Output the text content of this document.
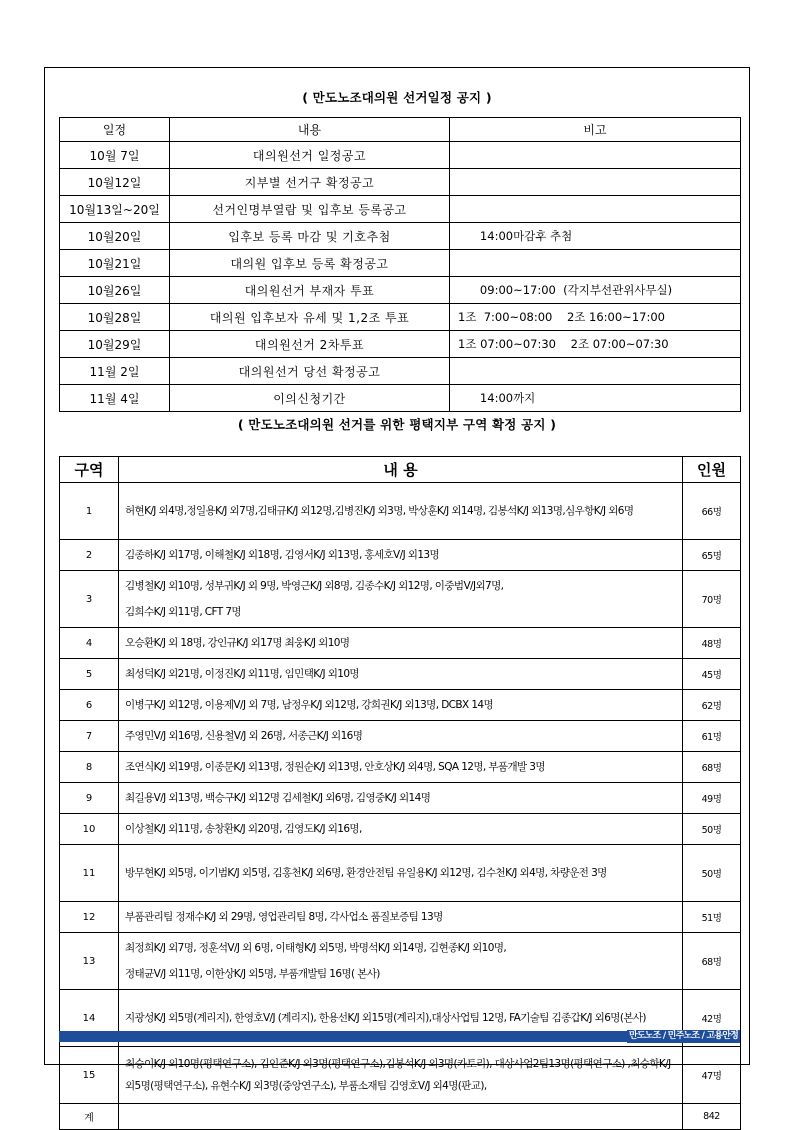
( 만도노조대의원 선거일정 공지 )
일정	내용	비고
10월 7일	대의원선거 일정공고	
10월12일	지부별 선거구 확정공고	
10월13일~20일	선거인명부열람 및 입후보 등록공고	
10월20일	입후보 등록 마감 및 기호추첨	14:00마감후 추첨
10월21일	대의원 입후보 등록 확정공고	
10월26일	대의원선거 부재자 투표	09:00~17:00  (각지부선관위사무실)
10월28일	대의원 입후보자 유세 및 1,2조 투표	1조  7:00~08:00    2조 16:00~17:00
10월29일	대의원선거 2차투표	1조 07:00~07:30    2조 07:00~07:30
11월 2일	대의원선거 당선 확정공고	
11월 4일	이의신청기간	14:00까지
( 만도노조대의원 선거를 위한 평택지부 구역 확정 공지 )
구역	내 용	인원
1	허현K/J 외4명,정일용K/J 외7명,김태규K/J 외12명,김병진K/J 외3명, 박상훈K/J 외14명, 김봉석K/J 외13명,심우항K/J 외6명	66명
2	김종하K/J 외17명, 이해철K/J 외18명, 김영서K/J 외13명, 홍세호V/J 외13명	65명
3	김병철K/J 외10명, 성부귀K/J 외 9명, 박영근K/J 외8명, 김종수K/J 외12명, 이중범V/J외7명,
김희수K/J 외11명, CFT 7명	70명
4	오승환K/J 외 18명, 강인규K/J 외17명 최웅K/J 외10명	48명
5	최성덕K/J 외21명, 이정진K/J 외11명, 임민택K/J 외10명	45명
6	이병구K/J 외12명, 이용제V/J 외 7명, 남정우K/J 외12명, 강희권K/J 외13명, DCBX 14명	62명
7	주영민V/J 외16명, 신용철V/J 외 26명, 서종근K/J 외16명	61명
8	조연식K/J 외19명, 이종문K/J 외13명, 정원순K/J 외13명, 안호상K/J 외4명, SQA 12명, 부품개발 3명	68명
9	최길용V/J 외13명, 백승구K/J 외12명 김세철K/J 외6명, 김영중K/J 외14명	49명
10	이상철K/J 외11명, 송창환K/J 외20명, 김영도K/J 외16명,	50명
11	방무현K/J 외5명, 이기범K/J 외5명, 김홍천K/J 외6명, 환경안전팀 유일용K/J 외12명, 김수천K/J 외4명, 차량운전 3명	50명
12	부품관리팀 정재수K/J 외 29명, 영업관리팀 8명, 각사업소 품질보증팀 13명	51명
13	최정희K/J 외7명, 정훈석V/J 외 6명, 이태형K/J 외5명, 박명석K/J 외14명, 김현종K/J 외10명,
정태균V/J 외11명, 이한상K/J 외5명, 부품개발팀 16명( 본사)	68명
14	지광성K/J 외5명(계리지), 한영호V/J (계리지), 한용선K/J 외15명(계리지),대상사업팀 12명, FA기술팀 김종갑K/J 외6명(본사)	42명
15	최승이K/J 외10명(평택연구소), 김인준K/J 외3명(평택연구소),김봉석K/J 외3명(카토리), 대상사업2팀13명(평택연구소) ,최승학K/J 외5명(평택연구소), 유현수K/J 외3명(중앙연구소), 부품소재팀 김영호V/J 외4명(판교),	47명
계		842
만도노조 / 민주노조 / 고용안정
